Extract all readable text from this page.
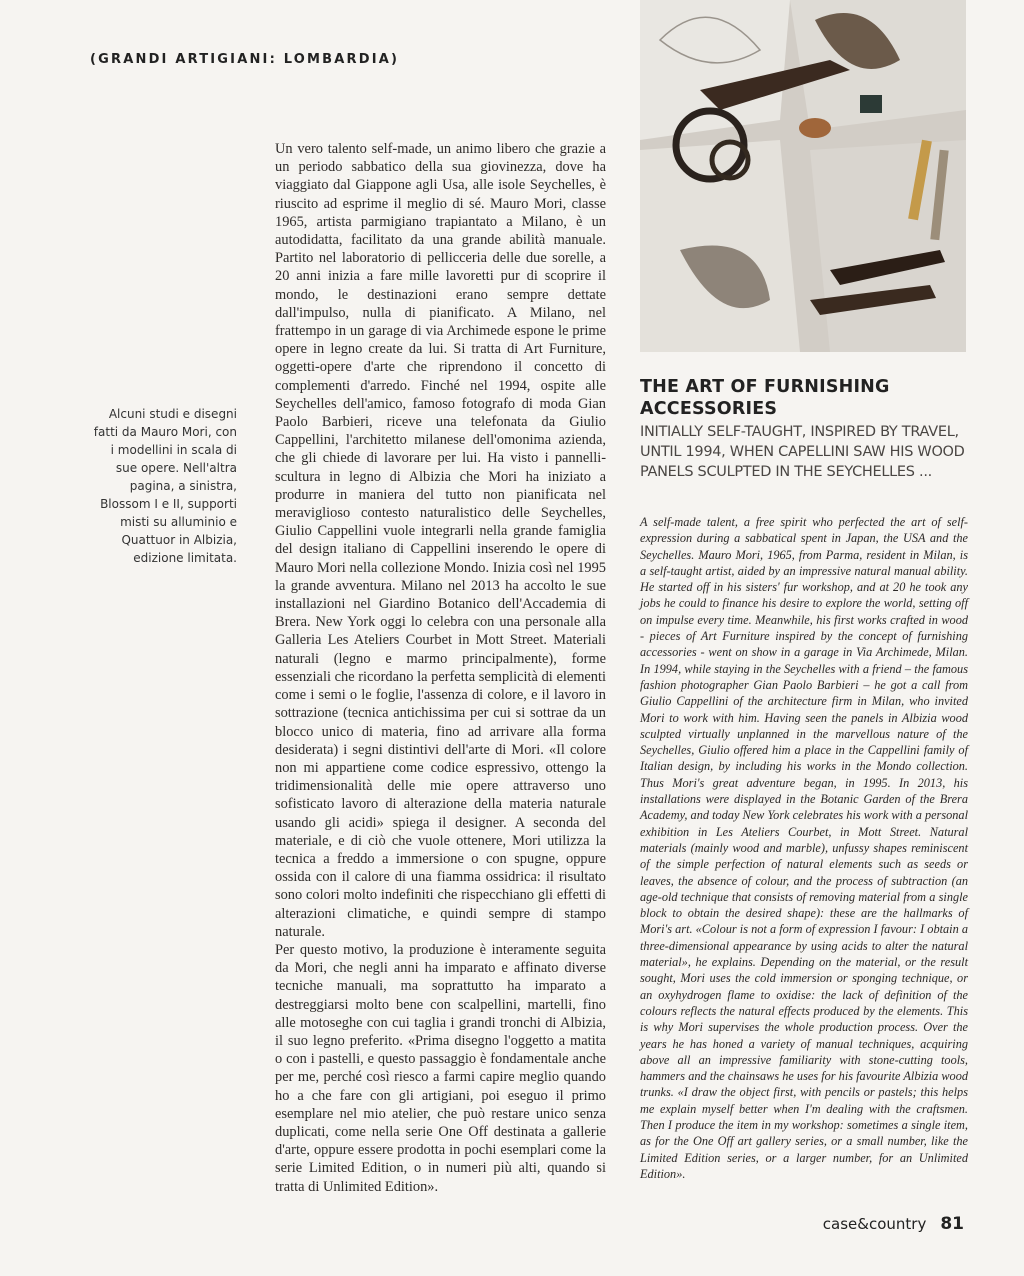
(GRANDI ARTIGIANI: LOMBARDIA)
Alcuni studi e disegni fatti da Mauro Mori, con i modellini in scala di sue opere. Nell'altra pagina, a sinistra, Blossom I e II, supporti misti su alluminio e Quattuor in Albizia, edizione limitata.

Un vero talento self-made, un animo libero che grazie a un periodo sabbatico della sua giovinezza, dove ha viaggiato dal Giappone agli Usa, alle isole Seychelles, è riuscito ad esprime il meglio di sé. Mauro Mori, classe 1965, artista parmigiano trapiantato a Milano, è un autodidatta, facilitato da una grande abilità manuale. Partito nel laboratorio di pellicceria delle due sorelle, a 20 anni inizia a fare mille lavoretti pur di scoprire il mondo, le destinazioni erano sempre dettate dall'impulso, nulla di pianificato. A Milano, nel frattempo in un garage di via Archimede espone le prime opere in legno create da lui. Si tratta di Art Furniture, oggetti-opere d'arte che riprendono il concetto di complementi d'arredo. Finché nel 1994, ospite alle Seychelles dell'amico, famoso fotografo di moda Gian Paolo Barbieri, riceve una telefonata da Giulio Cappellini, l'architetto milanese dell'omonima azienda, che gli chiede di lavorare per lui. Ha visto i pannelli-scultura in legno di Albizia che Mori ha iniziato a produrre in maniera del tutto non pianificata nel meraviglioso contesto naturalistico delle Seychelles, Giulio Cappellini vuole integrarli nella grande famiglia del design italiano di Cappellini inserendo le opere di Mauro Mori nella collezione Mondo. Inizia così nel 1995 la grande avventura. Milano nel 2013 ha accolto le sue installazioni nel Giardino Botanico dell'Accademia di Brera. New York oggi lo celebra con una personale alla Galleria Les Ateliers Courbet in Mott Street. Materiali naturali (legno e marmo principalmente), forme essenziali che ricordano la perfetta semplicità di elementi come i semi o le foglie, l'assenza di colore, e il lavoro in sottrazione (tecnica antichissima per cui si sottrae da un blocco unico di materia, fino ad arrivare alla forma desiderata) i segni distintivi dell'arte di Mori. «Il colore non mi appartiene come codice espressivo, ottengo la tridimensionalità delle mie opere attraverso uno sofisticato lavoro di alterazione della materia naturale usando gli acidi» spiega il designer. A seconda del materiale, e di ciò che vuole ottenere, Mori utilizza la tecnica a freddo a immersione o con spugne, oppure ossida con il calore di una fiamma ossidrica: il risultato sono colori molto indefiniti che rispecchiano gli effetti di alterazioni climatiche, e quindi sempre di stampo naturale.

Per questo motivo, la produzione è interamente seguita da Mori, che negli anni ha imparato e affinato diverse tecniche manuali, ma soprattutto ha imparato a destreggiarsi molto bene con scalpellini, martelli, fino alle motoseghe con cui taglia i grandi tronchi di Albizia, il suo legno preferito. «Prima disegno l'oggetto a matita o con i pastelli, e questo passaggio è fondamentale anche per me, perché così riesco a farmi capire meglio quando ho a che fare con gli artigiani, poi eseguo il primo esemplare nel mio atelier, che può restare unico senza duplicati, come nella serie One Off destinata a gallerie d'arte, oppure essere prodotta in pochi esemplari come la serie Limited Edition, o in numeri più alti, quando si tratta di Unlimited Edition».

THE ART OF FURNISHING ACCESSORIES
INITIALLY SELF-TAUGHT, INSPIRED BY TRAVEL, UNTIL 1994, WHEN CAPELLINI SAW HIS WOOD PANELS SCULPTED IN THE SEYCHELLES ...
A self-made talent, a free spirit who perfected the art of self-expression during a sabbatical spent in Japan, the USA and the Seychelles. Mauro Mori, 1965, from Parma, resident in Milan, is a self-taught artist, aided by an impressive natural manual ability. He started off in his sisters' fur workshop, and at 20 he took any jobs he could to finance his desire to explore the world, setting off on impulse every time. Meanwhile, his first works crafted in wood - pieces of Art Furniture inspired by the concept of furnishing accessories - went on show in a garage in Via Archimede, Milan. In 1994, while staying in the Seychelles with a friend – the famous fashion photographer Gian Paolo Barbieri – he got a call from Giulio Cappellini of the architecture firm in Milan, who invited Mori to work with him. Having seen the panels in Albizia wood sculpted virtually unplanned in the marvellous nature of the Seychelles, Giulio offered him a place in the Cappellini family of Italian design, by including his works in the Mondo collection. Thus Mori's great adventure began, in 1995. In 2013, his installations were displayed in the Botanic Garden of the Brera Academy, and today New York celebrates his work with a personal exhibition in Les Ateliers Courbet, in Mott Street. Natural materials (mainly wood and marble), unfussy shapes reminiscent of the simple perfection of natural elements such as seeds or leaves, the absence of colour, and the process of subtraction (an age-old technique that consists of removing material from a single block to obtain the desired shape): these are the hallmarks of Mori's art. «Colour is not a form of expression I favour: I obtain a three-dimensional appearance by using acids to alter the natural material», he explains. Depending on the material, or the result sought, Mori uses the cold immersion or sponging technique, or an oxyhydrogen flame to oxidise: the lack of definition of the colours reflects the natural effects produced by the elements. This is why Mori supervises the whole production process. Over the years he has honed a variety of manual techniques, acquiring above all an impressive familiarity with stone-cutting tools, hammers and the chainsaws he uses for his favourite Albizia wood trunks. «I draw the object first, with pencils or pastels; this helps me explain myself better when I'm dealing with the craftsmen. Then I produce the item in my workshop: sometimes a single item, as for the One Off art gallery series, or a small number, like the Limited Edition series, or a larger number, for an Unlimited Edition».
case&country 81
